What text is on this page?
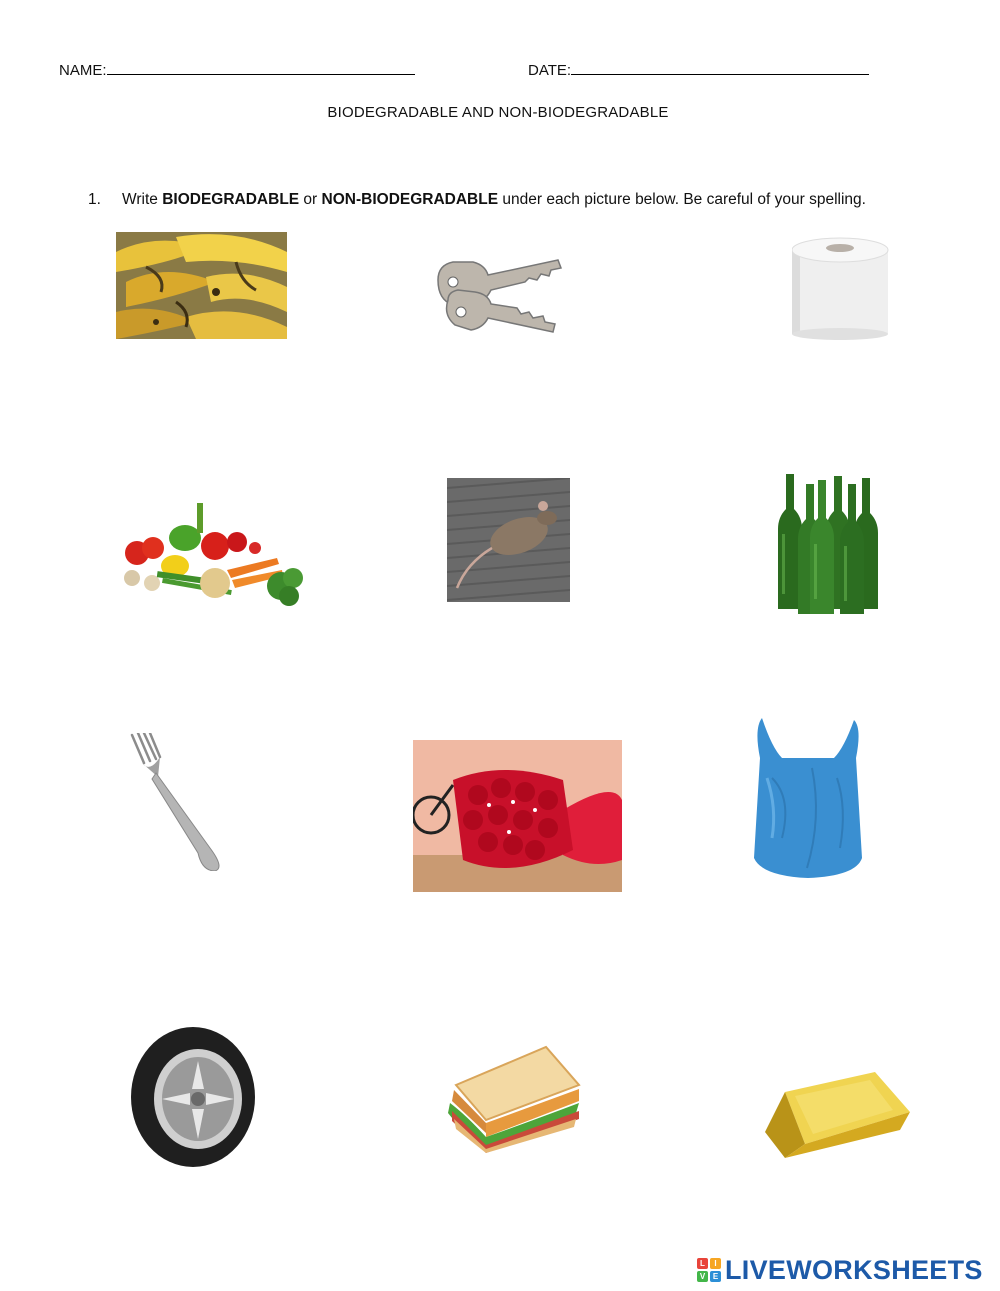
NAME:	DATE:
BIODEGRADABLE AND NON-BIODEGRADABLE
1. Write BIODEGRADABLE or NON-BIODEGRADABLE under each picture below. Be careful of your spelling.
L	I
V E LIVEWORKSHEETS
